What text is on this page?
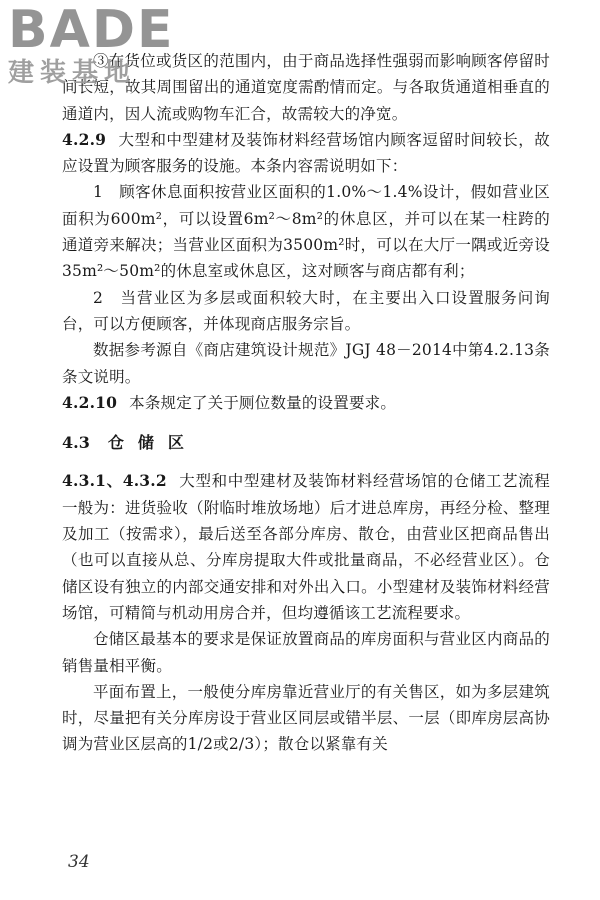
BADE
建装基地

③在货位或货区的范围内，由于商品选择性强弱而影响顾客停留时间长短，故其周围留出的通道宽度需酌情而定。与各取货通道相垂直的通道内，因人流或购物车汇合，故需较大的净宽。

4.2.9 大型和中型建材及装饰材料经营场馆内顾客逗留时间较长，故应设置为顾客服务的设施。本条内容需说明如下：

1　顾客休息面积按营业区面积的1.0%～1.4%设计，假如营业区面积为600m²，可以设置6m²～8m²的休息区，并可以在某一柱跨的通道旁来解决；当营业区面积为3500m²时，可以在大厅一隅或近旁设35m²～50m²的休息室或休息区，这对顾客与商店都有利；

2　当营业区为多层或面积较大时，在主要出入口设置服务问询台，可以方便顾客，并体现商店服务宗旨。

数据参考源自《商店建筑设计规范》JGJ 48－2014中第4.2.13条条文说明。

4.2.10 本条规定了关于厕位数量的设置要求。

4.3 仓储区

4.3.1、4.3.2 大型和中型建材及装饰材料经营场馆的仓储工艺流程一般为：进货验收（附临时堆放场地）后才进总库房，再经分检、整理及加工（按需求），最后送至各部分库房、散仓，由营业区把商品售出（也可以直接从总、分库房提取大件或批量商品，不必经营业区）。仓储区设有独立的内部交通安排和对外出入口。小型建材及装饰材料经营场馆，可精简与机动用房合并，但均遵循该工艺流程要求。

仓储区最基本的要求是保证放置商品的库房面积与营业区内商品的销售量相平衡。

平面布置上，一般使分库房靠近营业厅的有关售区，如为多层建筑时，尽量把有关分库房设于营业区同层或错半层、一层（即库房层高协调为营业区层高的1/2或2/3）；散仓以紧靠有关

34
